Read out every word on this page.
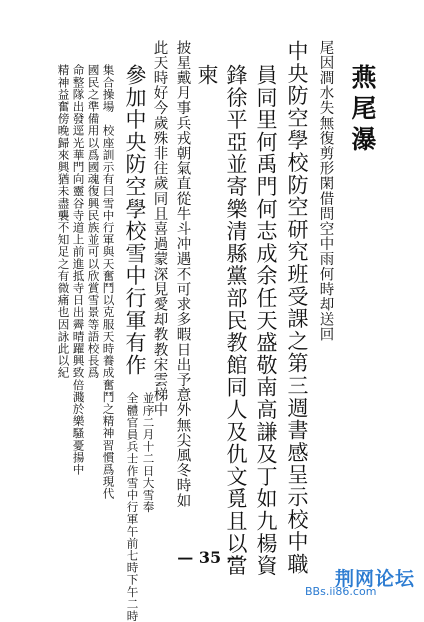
燕尾瀑
尾因澗水失無復剪形閑借問空中雨何時却送回
中央防空學校防空研究班受課之第三週書感呈示校中職
員同里何禹門何志成余任天盛敬南高謙及丁如九楊資
鋒徐平亞並寄樂清縣黨部民教館同人及仇文覓且以當
柬
披星戴月事兵戎朝氣直從牛斗冲遇不可求多暇日出予意外無尖風冬時如
此天時好今歲殊非往歲同且喜過蒙深見愛却教教宋雲梯中
參加中央防空學校雪中行軍有作
並序二月十二日大雪奉
全體官員兵士作雪中行軍午前七時下午二時
集合操場　校座訓示有曰雪中行軍與天奮鬥以克服天時養成奮鬥之精神習慣爲現代
國民之準備用以爲國魂復興民族並可以欣賞雪景等語校長爲
命整隊出發逕光華門向靈谷寺道上前進抵寺日出霽晴躍興致倍濺於樂騷憂揚中
精神益奮傍晚歸來興猶未盡襲不知足之有微痛也因詠此以紀
— 35 —
荆网论坛
BBs.ii86.com
